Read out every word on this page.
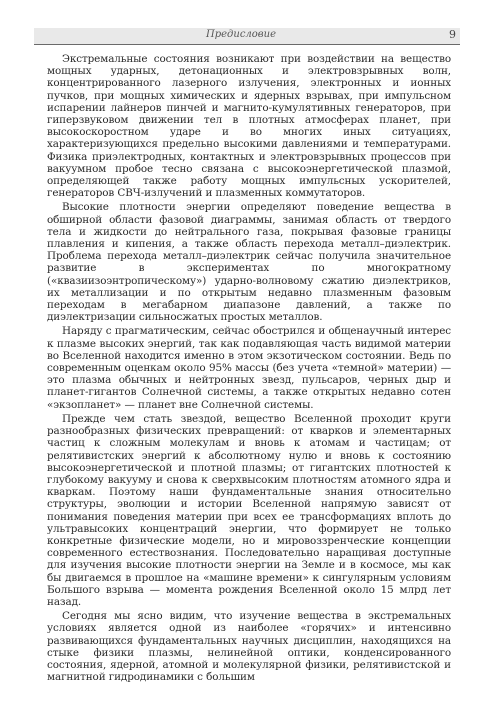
Предисловие	9

Экстремальные состояния возникают при воздействии на вещество мощных ударных, детонационных и электровзрывных волн, концентрированного лазерного излучения, электронных и ионных пучков, при мощных химических и ядерных взрывах, при импульсном испарении лайнеров пинчей и магнито-кумулятивных генераторов, при гиперзвуковом движении тел в плотных атмосферах планет, при высокоскоростном ударе и во многих иных ситуациях, характеризующихся предельно высокими давлениями и температурами. Физика приэлектродных, контактных и электровзрывных процессов при вакуумном пробое тесно связана с высокоэнергетической плазмой, определяющей также работу мощных импульсных ускорителей, генераторов СВЧ-излучений и плазменных коммутаторов.

Высокие плотности энергии определяют поведение вещества в обширной области фазовой диаграммы, занимая область от твердого тела и жидкости до нейтрального газа, покрывая фазовые границы плавления и кипения, а также область перехода металл–диэлектрик. Проблема перехода металл–диэлектрик сейчас получила значительное развитие в экспериментах по многократному («квазиизоэнтропическому») ударно-волновому сжатию диэлектриков, их металлизации и по открытым недавно плазменным фазовым переходам в мегабарном диапазоне давлений, а также по диэлектризации сильносжатых простых металлов.

Наряду с прагматическим, сейчас обострился и общенаучный интерес к плазме высоких энергий, так как подавляющая часть видимой материи во Вселенной находится именно в этом экзотическом состоянии. Ведь по современным оценкам около 95% массы (без учета «темной» материи) — это плазма обычных и нейтронных звезд, пульсаров, черных дыр и планет-гигантов Солнечной системы, а также открытых недавно сотен «экзопланет» — планет вне Солнечной системы.

Прежде чем стать звездой, вещество Вселенной проходит круги разнообразных физических превращений: от кварков и элементарных частиц к сложным молекулам и вновь к атомам и частицам; от релятивистских энергий к абсолютному нулю и вновь к состоянию высокоэнергетической и плотной плазмы; от гигантских плотностей к глубокому вакууму и снова к сверхвысоким плотностям атомного ядра и кваркам. Поэтому наши фундаментальные знания относительно структуры, эволюции и истории Вселенной напрямую зависят от понимания поведения материи при всех ее трансформациях вплоть до ультравысоких концентраций энергии, что формирует не только конкретные физические модели, но и мировоззренческие концепции современного естествознания. Последовательно наращивая доступные для изучения высокие плотности энергии на Земле и в космосе, мы как бы двигаемся в прошлое на «машине времени» к сингулярным условиям Большого взрыва — момента рождения Вселенной около 15 млрд лет назад.

Сегодня мы ясно видим, что изучение вещества в экстремальных условиях является одной из наиболее «горячих» и интенсивно развивающихся фундаментальных научных дисциплин, находящихся на стыке физики плазмы, нелинейной оптики, конденсированного состояния, ядерной, атомной и молекулярной физики, релятивистской и магнитной гидродинамики с большим
